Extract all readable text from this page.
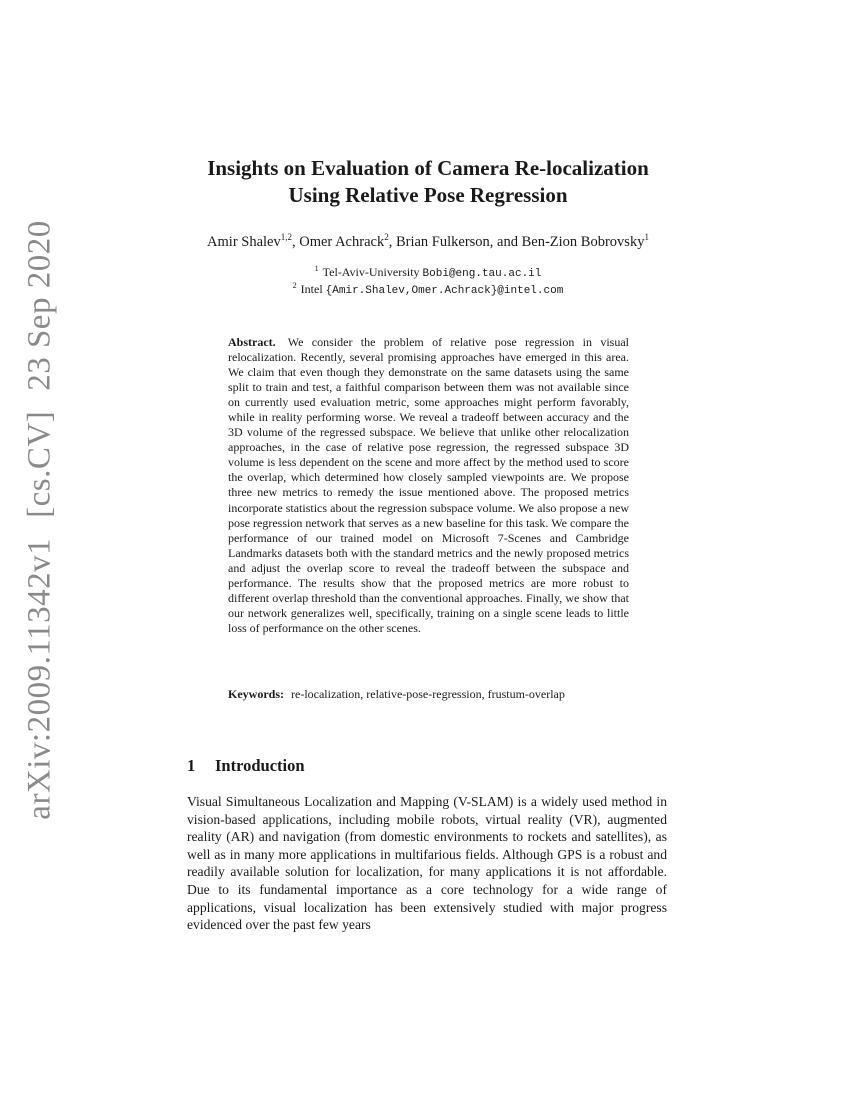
arXiv:2009.11342v1[cs.CV]23 Sep 2020
Insights on Evaluation of Camera Re-localization
Using Relative Pose Regression
Amir Shalev$^{1,2}$, Omer Achrack$^2$, Brian Fulkerson, and Ben-Zion Bobrovsky$^1$
$^1$ Tel-Aviv-University Bobi@eng.tau.ac.il
$^2$ Intel {Amir.Shalev,Omer.Achrack}@intel.com
Abstract. We consider the problem of relative pose regression in visual relocalization. Recently, several promising approaches have emerged in this area. We claim that even though they demonstrate on the same datasets using the same split to train and test, a faithful comparison between them was not available since on currently used evaluation metric, some approaches might perform favorably, while in reality performing worse. We reveal a tradeoff between accuracy and the 3D volume of the regressed subspace. We believe that unlike other relocalization approaches, in the case of relative pose regression, the regressed subspace 3D volume is less dependent on the scene and more affect by the method used to score the overlap, which determined how closely sampled viewpoints are. We propose three new metrics to remedy the issue mentioned above. The proposed metrics incorporate statistics about the regression subspace volume. We also propose a new pose regression network that serves as a new baseline for this task. We compare the performance of our trained model on Microsoft 7-Scenes and Cambridge Landmarks datasets both with the standard metrics and the newly proposed metrics and adjust the overlap score to reveal the tradeoff between the subspace and performance. The results show that the proposed metrics are more robust to different overlap threshold than the conventional approaches. Finally, we show that our network generalizes well, specifically, training on a single scene leads to little loss of performance on the other scenes.
Keywords: re-localization, relative-pose-regression, frustum-overlap
1 Introduction
Visual Simultaneous Localization and Mapping (V-SLAM) is a widely used method in vision-based applications, including mobile robots, virtual reality (VR), augmented reality (AR) and navigation (from domestic environments to rockets and satellites), as well as in many more applications in multifarious fields. Although GPS is a robust and readily available solution for localization, for many applications it is not affordable. Due to its fundamental importance as a core technology for a wide range of applications, visual localization has been extensively studied with major progress evidenced over the past few years
